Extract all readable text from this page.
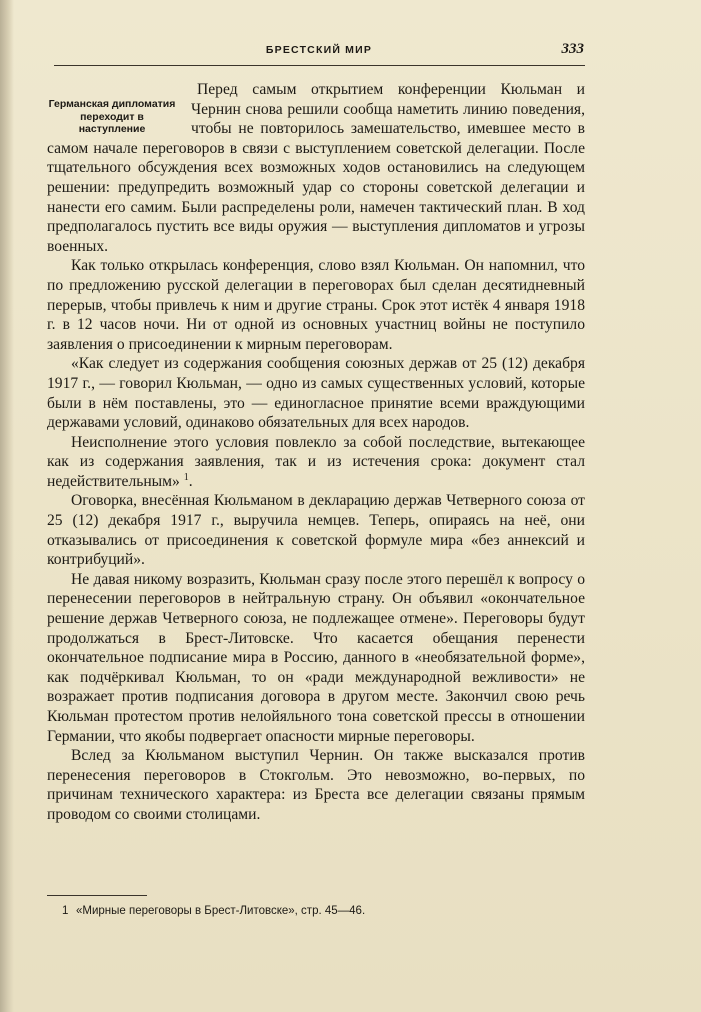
БРЕСТСКИЙ МИР	333
Германская дипломатия переходит в наступление

Перед самым открытием конференции Кюльман и Чернин снова решили сообща наметить линию поведения, чтобы не повторилось замешательство, имевшее место в самом начале переговоров в связи с выступлением советской делегации. После тщательного обсуждения всех возможных ходов остановились на следующем решении: предупредить возможный удар со стороны советской делегации и нанести его самим. Были распределены роли, намечен тактический план. В ход предполагалось пустить все виды оружия — выступления дипломатов и угрозы военных.

Как только открылась конференция, слово взял Кюльман. Он напомнил, что по предложению русской делегации в переговорах был сделан десятидневный перерыв, чтобы привлечь к ним и другие страны. Срок этот истёк 4 января 1918 г. в 12 часов ночи. Ни от одной из основных участниц войны не поступило заявления о присоединении к мирным переговорам.

«Как следует из содержания сообщения союзных держав от 25 (12) декабря 1917 г., — говорил Кюльман, — одно из самых существенных условий, которые были в нём поставлены, это — единогласное принятие всеми враждующими державами условий, одинаково обязательных для всех народов.

Неисполнение этого условия повлекло за собой последствие, вытекающее как из содержания заявления, так и из истечения срока: документ стал недействительным» $^1$.

Оговорка, внесённая Кюльманом в декларацию держав Четверного союза от 25 (12) декабря 1917 г., выручила немцев. Теперь, опираясь на неё, они отказывались от присоединения к советской формуле мира «без аннексий и контрибуций».

Не давая никому возразить, Кюльман сразу после этого перешёл к вопросу о перенесении переговоров в нейтральную страну. Он объявил «окончательное решение держав Четверного союза, не подлежащее отмене». Переговоры будут продолжаться в Брест-Литовске. Что касается обещания перенести окончательное подписание мира в Россию, данного в «необязательной форме», как подчёркивал Кюльман, то он «ради международной вежливости» не возражает против подписания договора в другом месте. Закончил свою речь Кюльман протестом против нелойяльного тона советской прессы в отношении Германии, что якобы подвергает опасности мирные переговоры.

Вслед за Кюльманом выступил Чернин. Он также высказался против перенесения переговоров в Стокгольм. Это невозможно, во-первых, по причинам технического характера: из Бреста все делегации связаны прямым проводом со своими столицами.

1 «Мирные переговоры в Брест-Литовске», стр. 45—46.
